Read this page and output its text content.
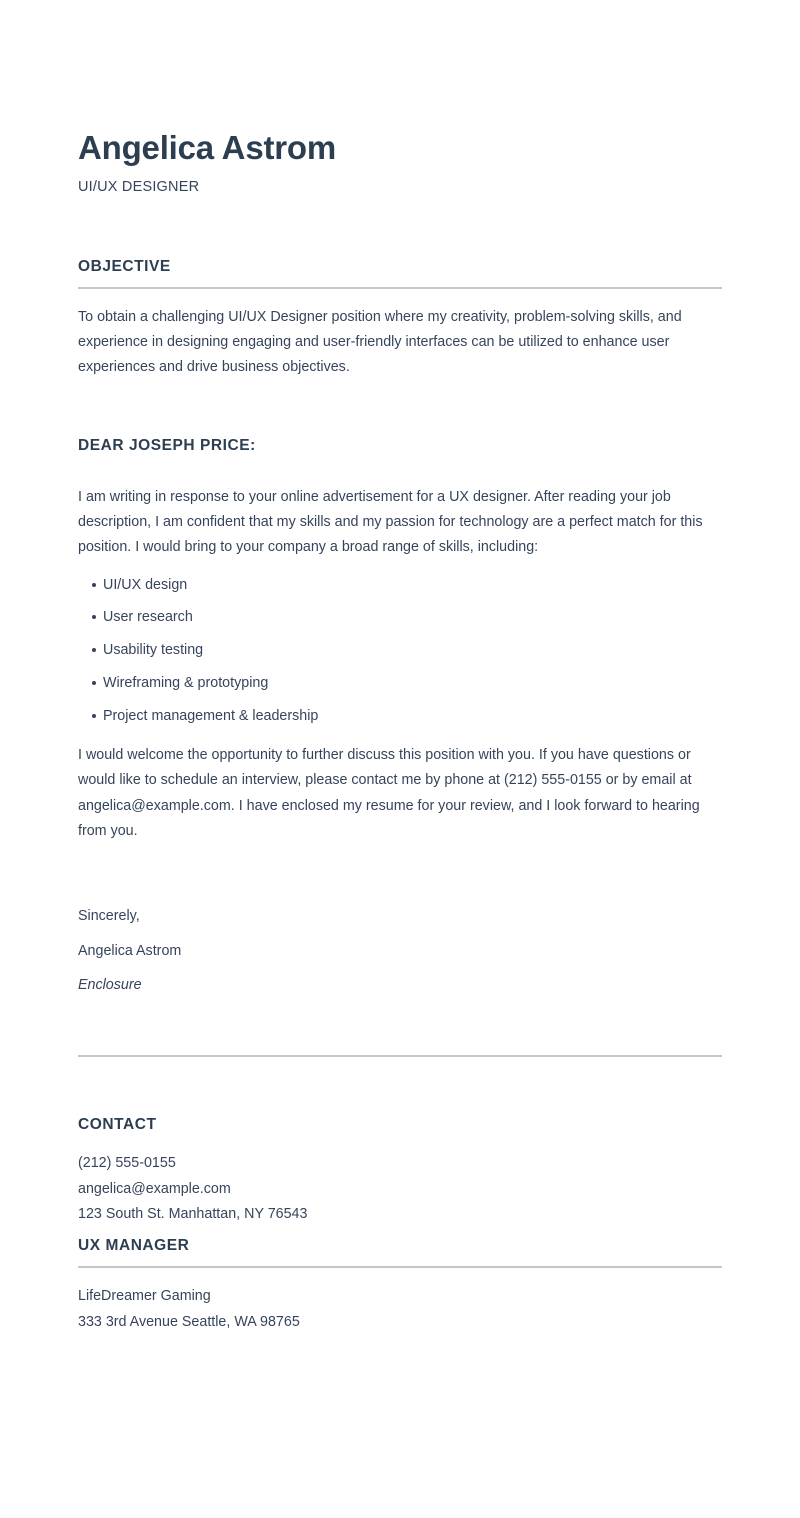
Angelica Astrom
UI/UX DESIGNER
OBJECTIVE

To obtain a challenging UI/UX Designer position where my creativity, problem-solving skills, and experience in designing engaging and user-friendly interfaces can be utilized to enhance user experiences and drive business objectives.

DEAR JOSEPH PRICE:

I am writing in response to your online advertisement for a UX designer. After reading your job description, I am confident that my skills and my passion for technology are a perfect match for this position. I would bring to your company a broad range of skills, including:

UI/UX design
User research
Usability testing
Wireframing & prototyping
Project management & leadership

I would welcome the opportunity to further discuss this position with you. If you have questions or would like to schedule an interview, please contact me by phone at (212) 555-0155 or by email at angelica@example.com. I have enclosed my resume for your review, and I look forward to hearing from you.

Sincerely,
Angelica Astrom
Enclosure
CONTACT
(212) 555-0155
angelica@example.com
123 South St. Manhattan, NY 76543
UX MANAGER
LifeDreamer Gaming
333 3rd Avenue Seattle, WA 98765
